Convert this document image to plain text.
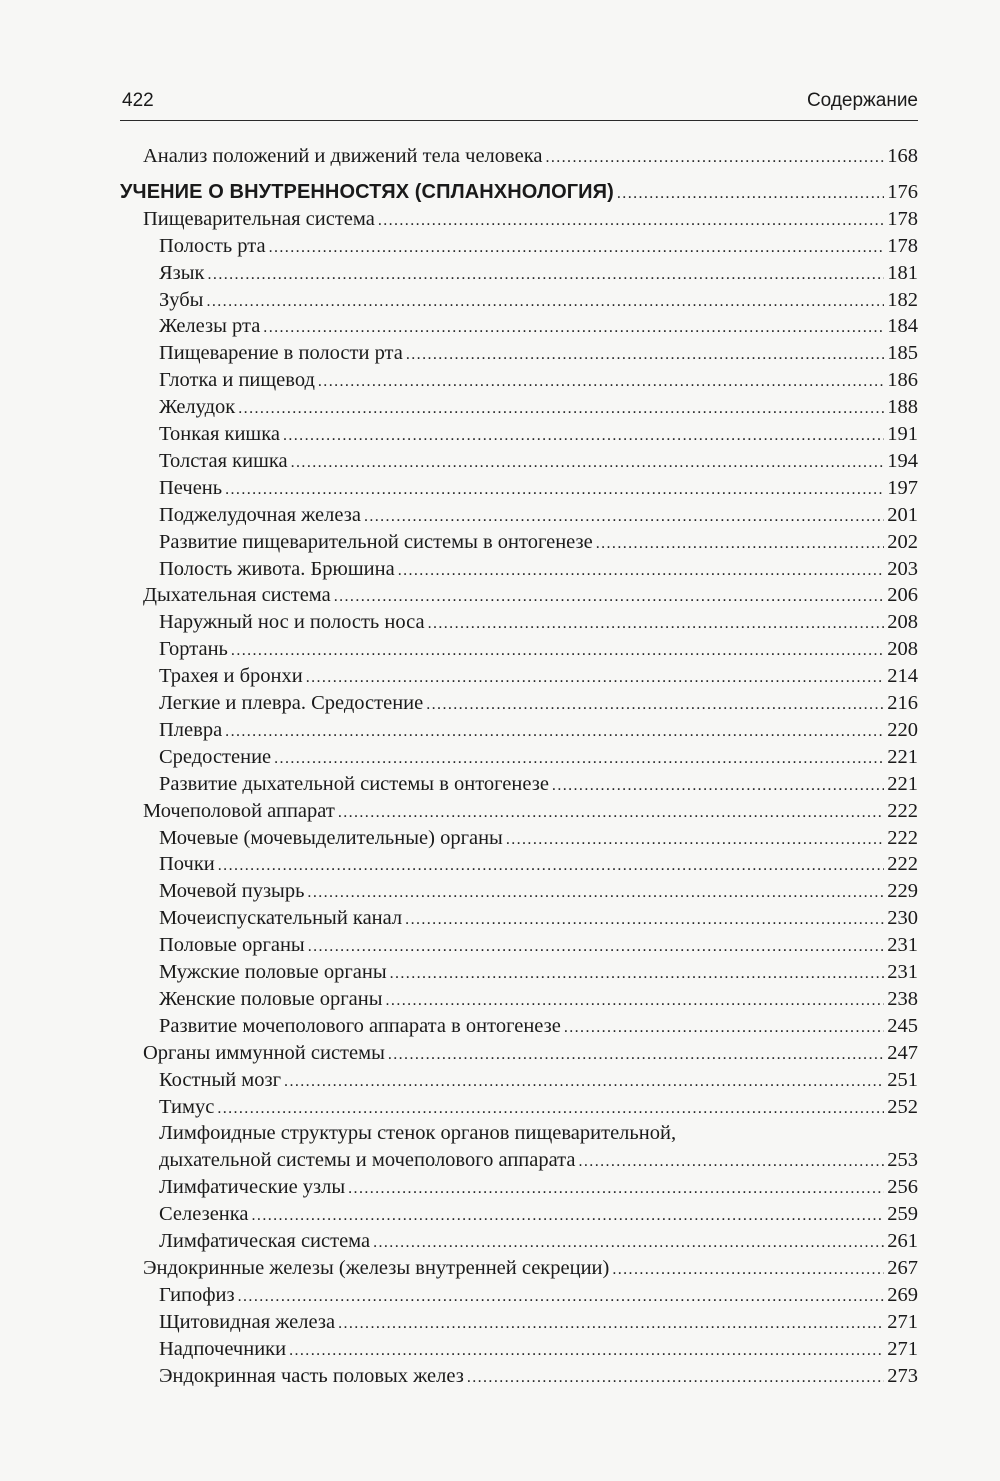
422	Содержание
Анализ положений и движений тела человека .....	168
УЧЕНИЕ О ВНУТРЕННОСТЯХ (СПЛАНХНОЛОГИЯ) .....	176
Пищеварительная система .....	178
Полость рта .....	178
Язык .....	181
Зубы .....	182
Железы рта .....	184
Пищеварение в полости рта .....	185
Глотка и пищевод .....	186
Желудок .....	188
Тонкая кишка .....	191
Толстая кишка .....	194
Печень .....	197
Поджелудочная железа .....	201
Развитие пищеварительной системы в онтогенезе .....	202
Полость живота. Брюшина .....	203
Дыхательная система .....	206
Наружный нос и полость носа .....	208
Гортань .....	208
Трахея и бронхи .....	214
Легкие и плевра. Средостение .....	216
Плевра .....	220
Средостение .....	221
Развитие дыхательной системы в онтогенезе .....	221
Мочеполовой аппарат .....	222
Мочевые (мочевыделительные) органы .....	222
Почки .....	222
Мочевой пузырь .....	229
Мочеиспускательный канал .....	230
Половые органы .....	231
Мужские половые органы .....	231
Женские половые органы .....	238
Развитие мочеполового аппарата в онтогенезе .....	245
Органы иммунной системы .....	247
Костный мозг .....	251
Тимус .....	252
Лимфоидные структуры стенок органов пищеварительной,
дыхательной системы и мочеполового аппарата .....	253
Лимфатические узлы .....	256
Селезенка .....	259
Лимфатическая система .....	261
Эндокринные железы (железы внутренней секреции) .....	267
Гипофиз .....	269
Щитовидная железа .....	271
Надпочечники .....	271
Эндокринная часть половых желез .....	273
